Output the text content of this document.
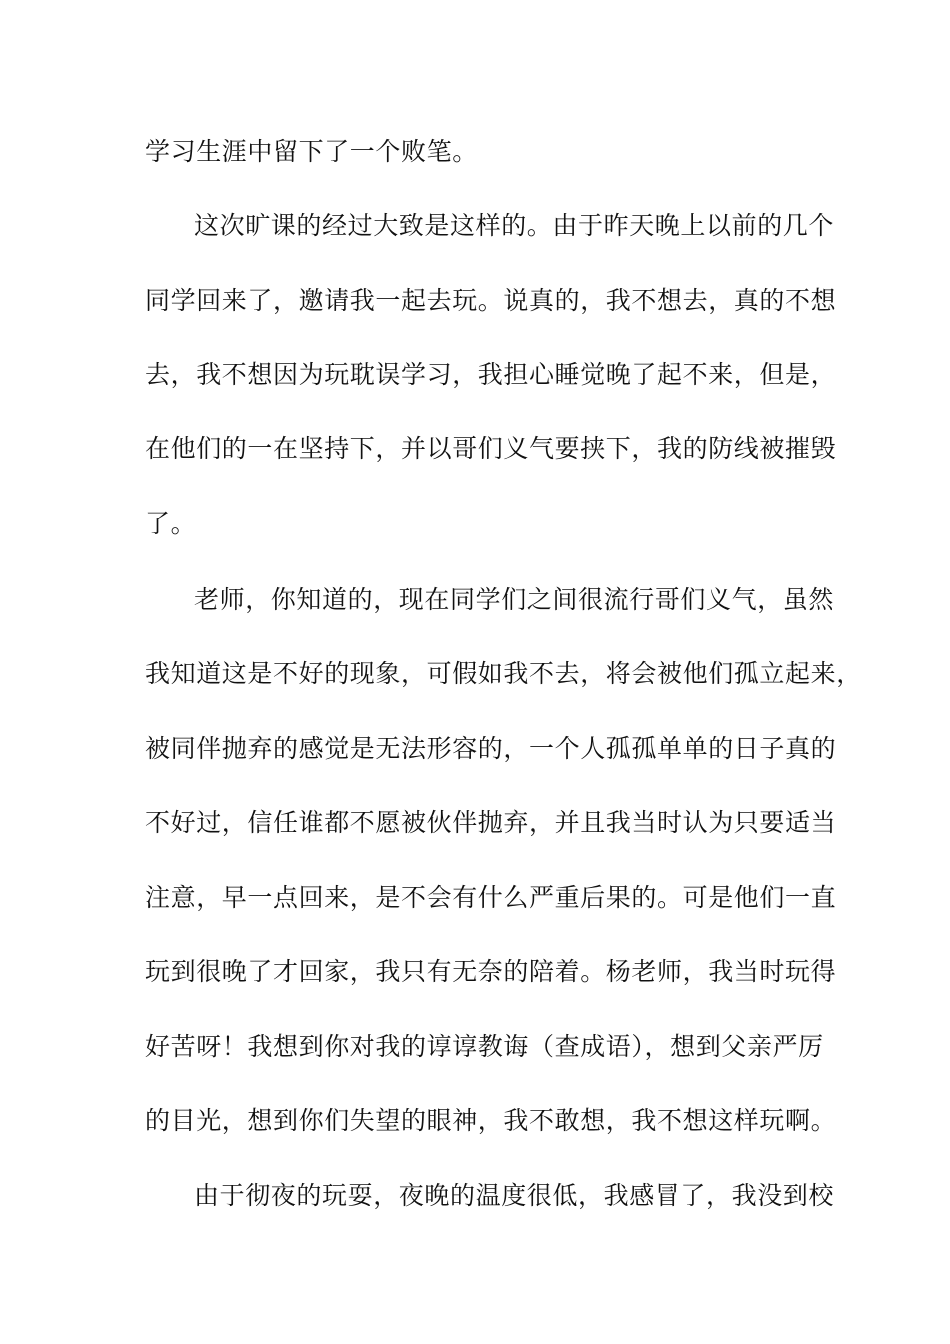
学习生涯中留下了一个败笔。
这次旷课的经过大致是这样的。由于昨天晚上以前的几个
同学回来了，邀请我一起去玩。说真的，我不想去，真的不想
去，我不想因为玩耽误学习，我担心睡觉晚了起不来，但是，
在他们的一在坚持下，并以哥们义气要挟下，我的防线被摧毁
了。
老师，你知道的，现在同学们之间很流行哥们义气，虽然
我知道这是不好的现象，可假如我不去，将会被他们孤立起来，
被同伴抛弃的感觉是无法形容的，一个人孤孤单单的日子真的
不好过，信任谁都不愿被伙伴抛弃，并且我当时认为只要适当
注意，早一点回来，是不会有什么严重后果的。可是他们一直
玩到很晚了才回家，我只有无奈的陪着。杨老师，我当时玩得
好苦呀！我想到你对我的谆谆教诲（查成语），想到父亲严厉
的目光，想到你们失望的眼神，我不敢想，我不想这样玩啊。
由于彻夜的玩耍，夜晚的温度很低，我感冒了，我没到校
